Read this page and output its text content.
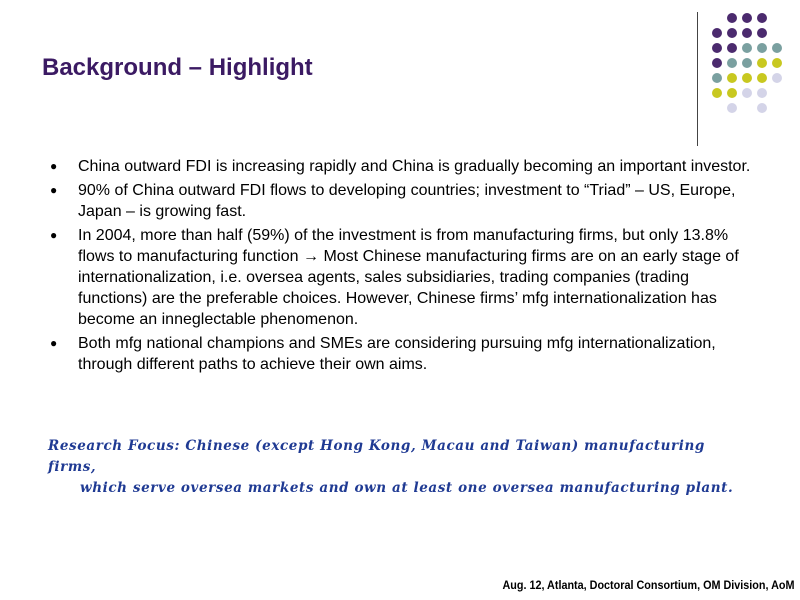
Background – Highlight
● China outward FDI is increasing rapidly and China is gradually becoming an important investor.
● 90% of China outward FDI flows to developing countries; investment to “Triad” – US, Europe, Japan – is growing fast.
● In 2004, more than half (59%) of the investment is from manufacturing firms, but only 13.8% flows to manufacturing function → Most Chinese manufacturing firms are on an early stage of internationalization, i.e. oversea agents, sales subsidiaries, trading companies (trading functions) are the preferable choices. However, Chinese firms’ mfg internationalization has become an inneglectable phenomenon.
● Both mfg national champions and SMEs are considering pursuing mfg internationalization, through different paths to achieve their own aims.

Research Focus: Chinese (except Hong Kong, Macau and Taiwan) manufacturing firms,
which serve oversea markets and own at least one oversea manufacturing plant.

Aug. 12, Atlanta, Doctoral Consortium, OM Division, AoM
